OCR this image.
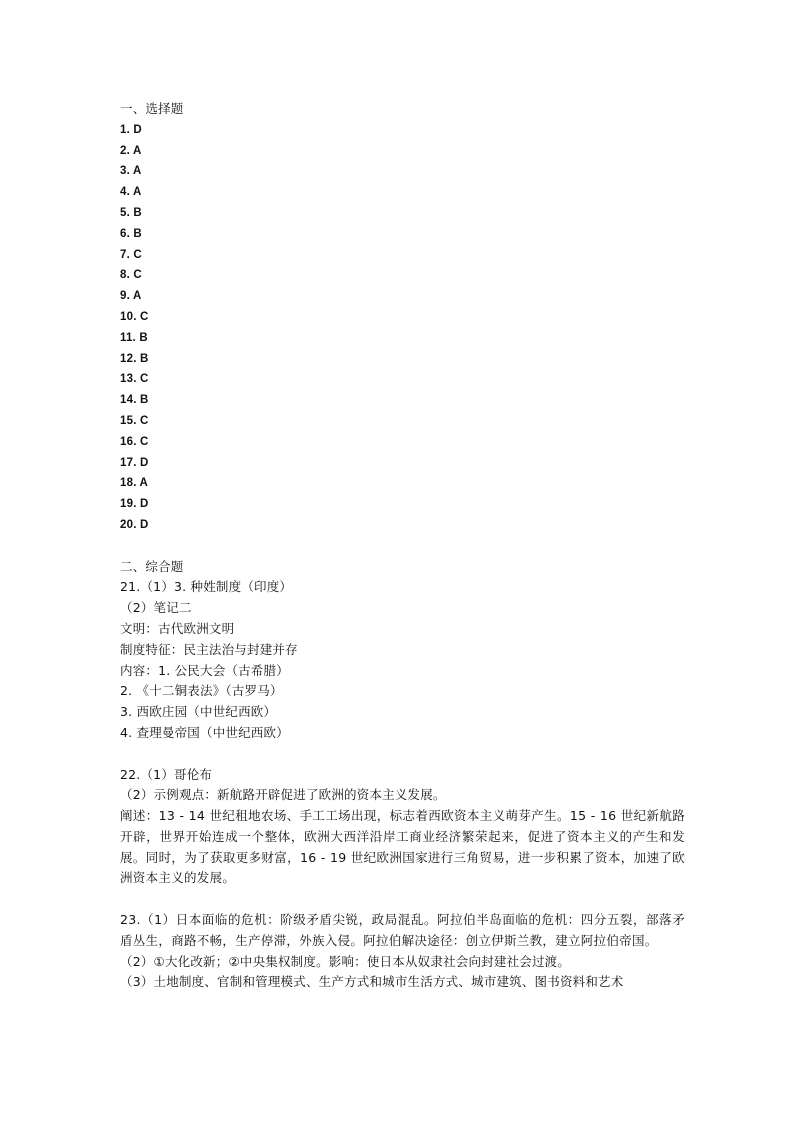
一、选择题
1. D
2. A
3. A
4. A
5. B
6. B
7. C
8. C
9. A
10. C
11. B
12. B
13. C
14. B
15. C
16. C
17. D
18. A
19. D
20. D
二、综合题
21.（1）3. 种姓制度（印度）
（2）笔记二
文明：古代欧洲文明
制度特征：民主法治与封建并存
内容：1. 公民大会（古希腊）
2. 《十二铜表法》（古罗马）
3. 西欧庄园（中世纪西欧）
4. 查理曼帝国（中世纪西欧）
22.（1）哥伦布
（2）示例观点：新航路开辟促进了欧洲的资本主义发展。
阐述：13 - 14 世纪租地农场、手工工场出现，标志着西欧资本主义萌芽产生。15 - 16 世纪新航路开辟，世界开始连成一个整体，欧洲大西洋沿岸工商业经济繁荣起来，促进了资本主义的产生和发展。同时，为了获取更多财富，16 - 19 世纪欧洲国家进行三角贸易，进一步积累了资本，加速了欧洲资本主义的发展。
23.（1）日本面临的危机：阶级矛盾尖锐，政局混乱。阿拉伯半岛面临的危机：四分五裂，部落矛盾丛生，商路不畅，生产停滞，外族入侵。阿拉伯解决途径：创立伊斯兰教，建立阿拉伯帝国。
（2）①大化改新；②中央集权制度。影响：使日本从奴隶社会向封建社会过渡。
（3）土地制度、官制和管理模式、生产方式和城市生活方式、城市建筑、图书资料和艺术
